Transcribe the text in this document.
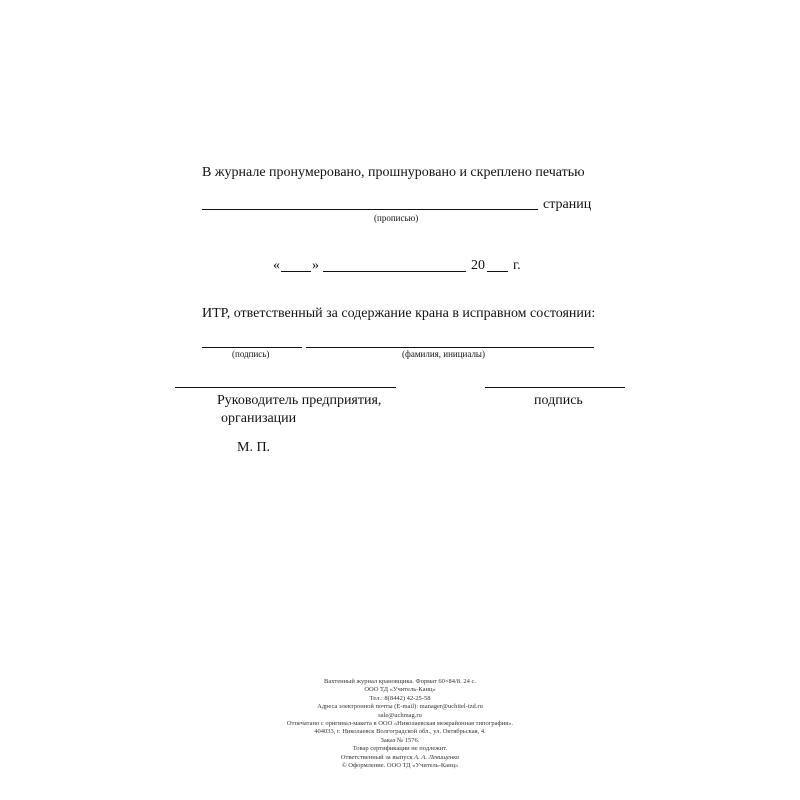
В журнале пронумеровано, прошнуровано и скреплено печатью
страниц
(прописью)
« »	20 г.
ИТР, ответственный за содержание крана в исправном состоянии:
(подпись)	(фамилия, инициалы)
Руководитель предприятия,
организации
подпись
М. П.
Вахтенный журнал крановщика. Формат 60×84/8. 24 с.
ООО ТД «Учитель-Канц»
Тел.: 8(8442) 42-25-58
Адреса электронной почты (E-mail): manager@uchitel-izd.ru
sale@uchmag.ru
Отпечатано с оригинал-макета в ООО «Николаевская межрайонная типография».
404033, г. Николаевск Волгоградской обл., ул. Октябрьская, 4.
Заказ № 1576.
Товар сертификации не подлежит.
Ответственный за выпуск А. А. Левищенко
© Оформление. ООО ТД «Учитель-Канц»
